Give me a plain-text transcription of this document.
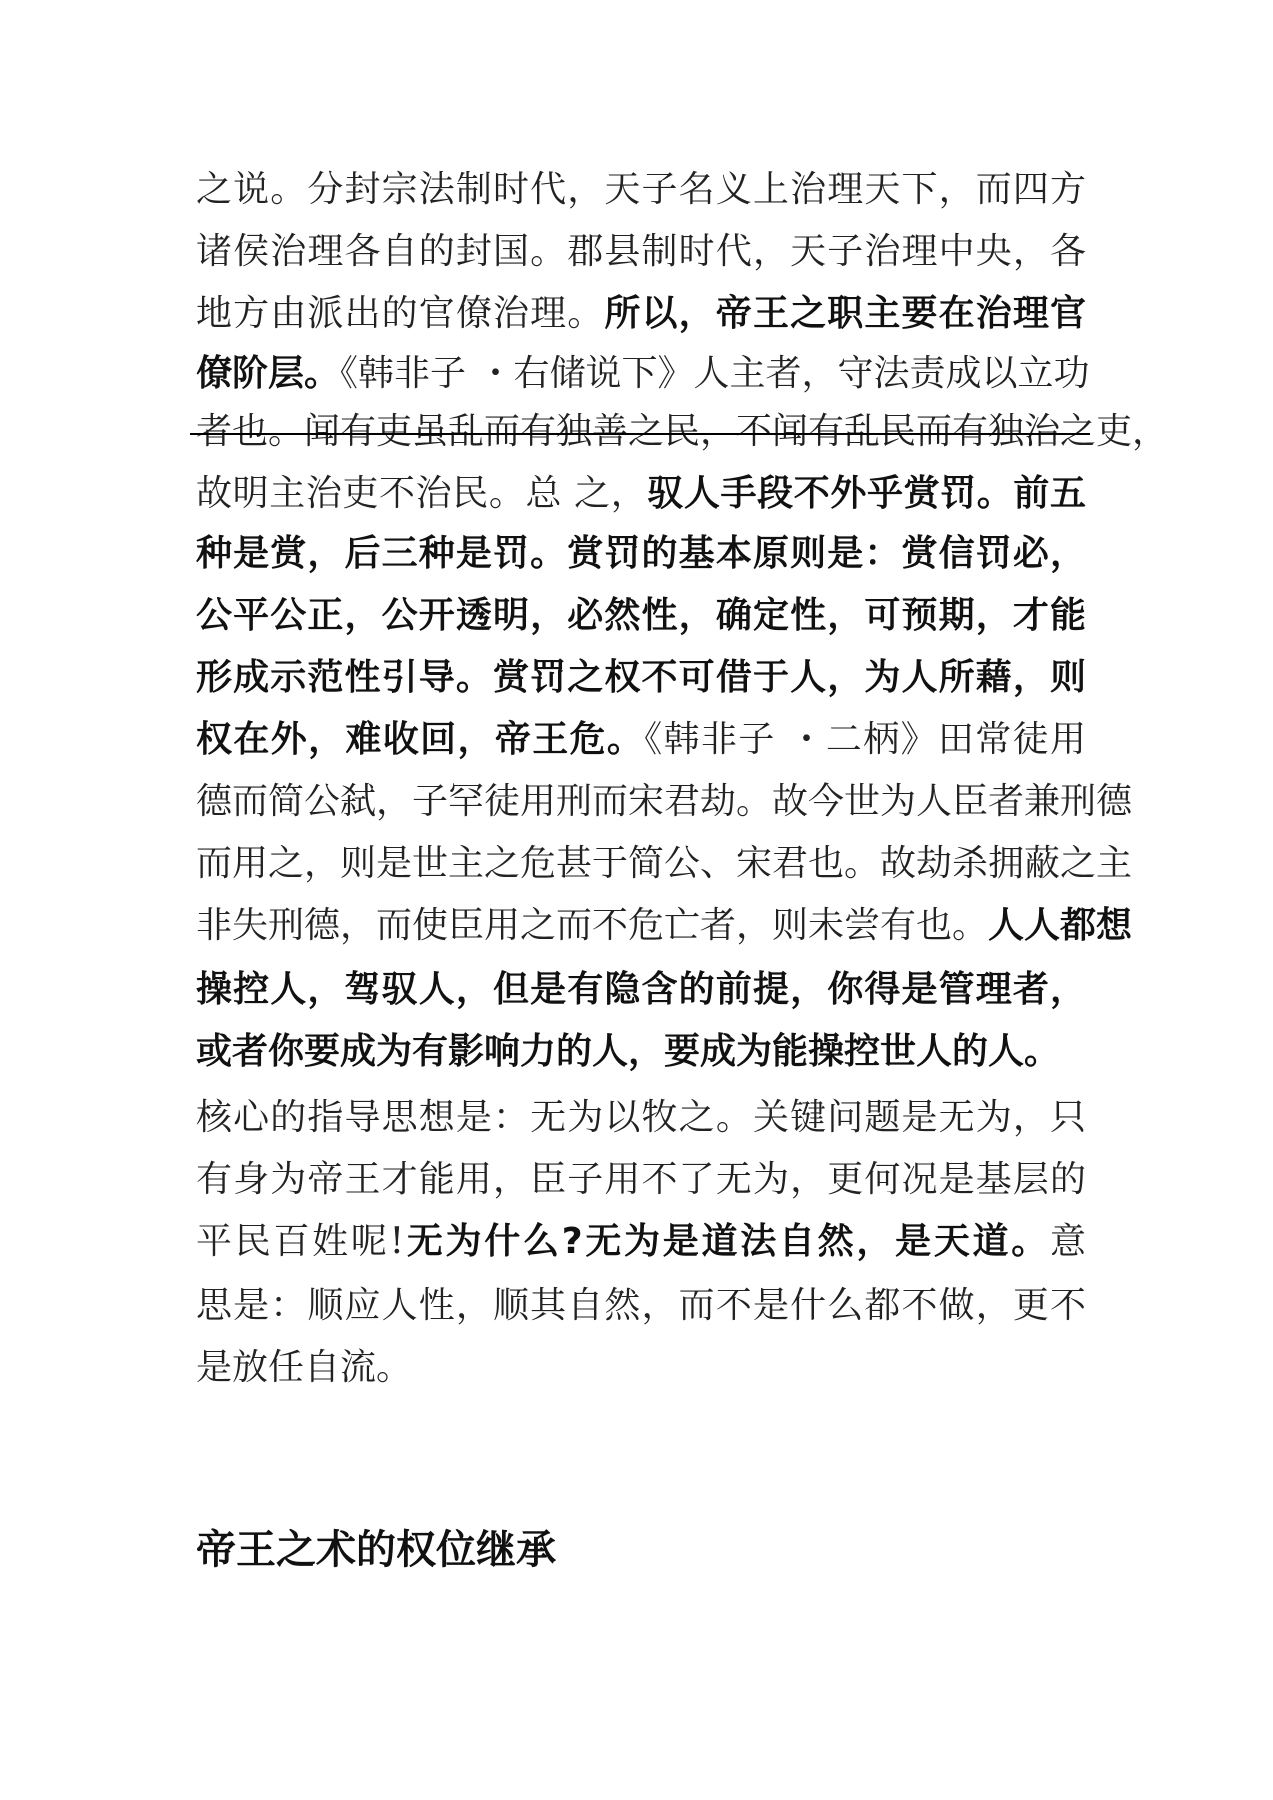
之说。分封宗法制时代，天子名义上治理天下，而四方
诸侯治理各自的封国。郡县制时代，天子治理中央，各
地方由派出的官僚治理。所以，帝王之职主要在治理官
僚阶层。《韩非子 ・右储说下》人主者，守法责成以立功
者也。闻有吏虽乱而有独善之民，不闻有乱民而有独治之吏，
故明主治吏不治民。总 之，驭人手段不外乎赏罚。前五
种是赏，后三种是罚。赏罚的基本原则是：赏信罚必，
公平公正，公开透明，必然性，确定性，可预期，才能
形成示范性引导。赏罚之权不可借于人，为人所藉，则
权在外，难收回，帝王危。《韩非子 ・二柄》田常徒用
德而简公弑，子罕徒用刑而宋君劫。故今世为人臣者兼刑德
而用之，则是世主之危甚于简公、宋君也。故劫杀拥蔽之主
非失刑德，而使臣用之而不危亡者，则未尝有也。人人都想
操控人，驾驭人，但是有隐含的前提，你得是管理者，
或者你要成为有影响力的人，要成为能操控世人的人。
核心的指导思想是：无为以牧之。关键问题是无为，只
有身为帝王才能用，臣子用不了无为，更何况是基层的
平民百姓呢!无为什么?无为是道法自然，是天道。意
思是：顺应人性，顺其自然，而不是什么都不做，更不
是放任自流。
帝王之术的权位继承
